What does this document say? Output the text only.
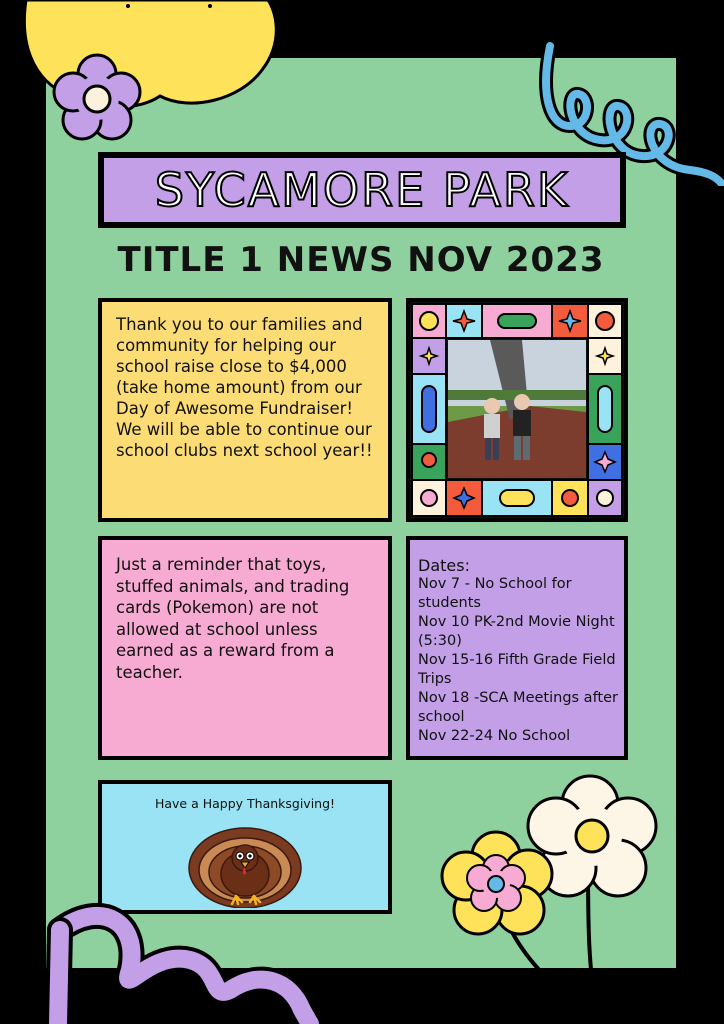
SYCAMORE PARK
TITLE 1 NEWS NOV 2023

Thank you to our families and community for helping our school raise close to $4,000 (take home amount) from our Day of Awesome Fundraiser! We will be able to continue our school clubs next school year!!

Just a reminder that toys, stuffed animals, and trading cards (Pokemon) are not allowed at school unless earned as a reward from a teacher.

Dates:
Nov 7 - No School for students
Nov 10 PK-2nd Movie Night (5:30)
Nov 15-16 Fifth Grade Field Trips
Nov 18 -SCA Meetings after school
Nov 22-24 No School
Have a Happy Thanksgiving!
